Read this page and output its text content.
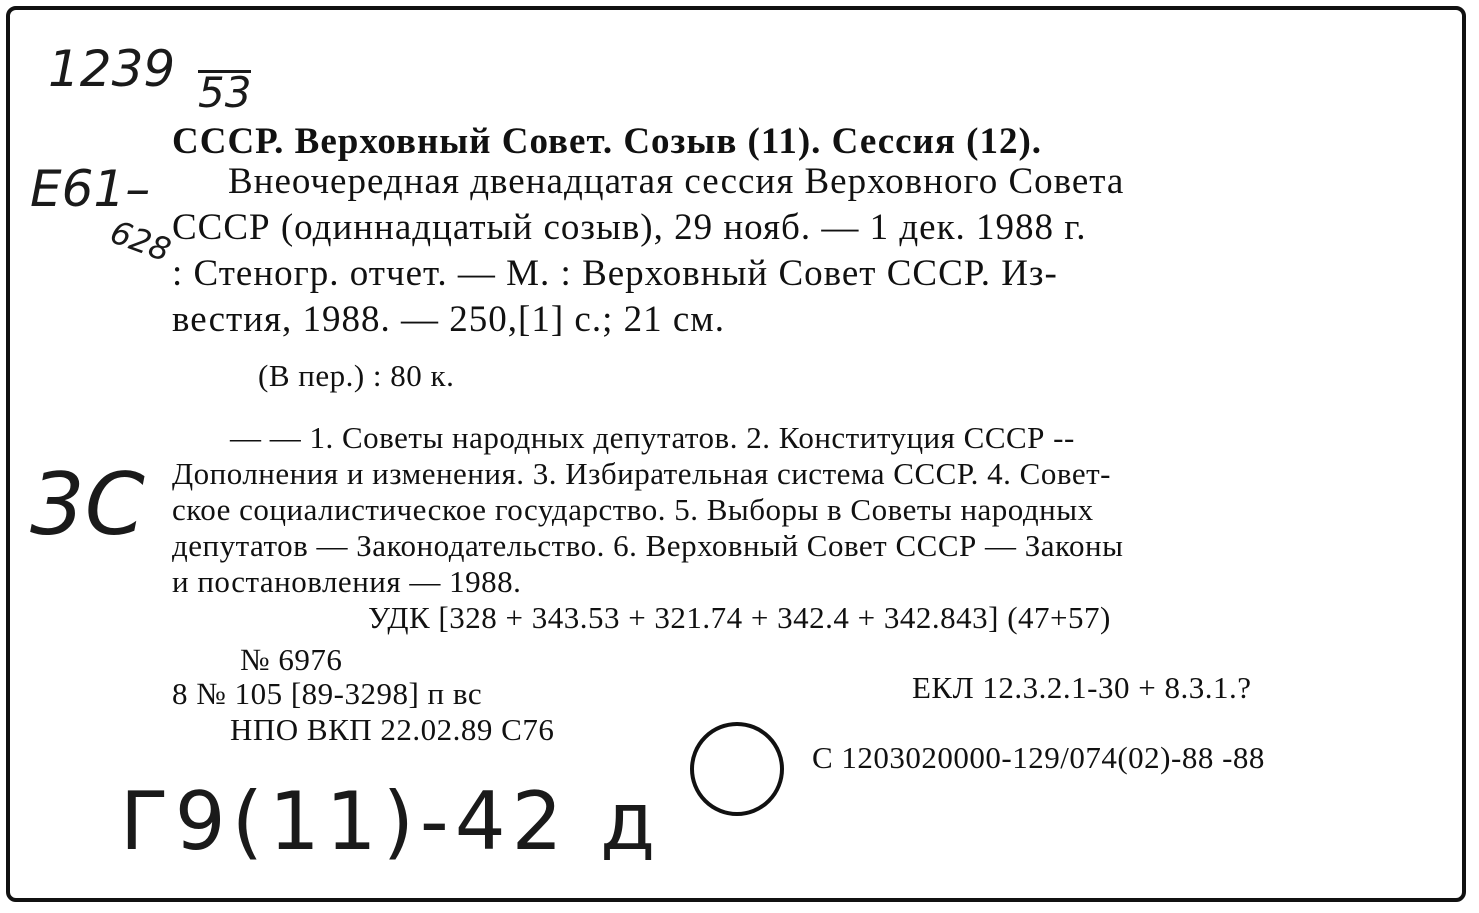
1239 53
Е61–
628
3С
Г9(11)-42 д
СССР. Верховный Совет. Созыв (11). Сессия (12).
Внеочередная двенадцатая сессия Верховного Совета
СССР (одиннадцатый созыв), 29 нояб. — 1 дек. 1988 г.
: Стеногр. отчет. — М. : Верховный Совет СССР. Из-
вестия, 1988. — 250,[1] с.; 21 см.
(В пер.) : 80 к.
— — 1. Советы народных депутатов. 2. Конституция СССР --
Дополнения и изменения. 3. Избирательная система СССР. 4. Совет-
ское социалистическое государство. 5. Выборы в Советы народных
депутатов — Законодательство. 6. Верховный Совет СССР — Законы
и постановления — 1988.
УДК [328 + 343.53 + 321.74 + 342.4 + 342.843] (47+57)
№ 6976
8 № 105 [89-3298] п вс	ЕКЛ 12.3.2.1-30 + 8.3.1.?
НПО ВКП 22.02.89 С76
С 1203020000-129/074(02)-88 -88
